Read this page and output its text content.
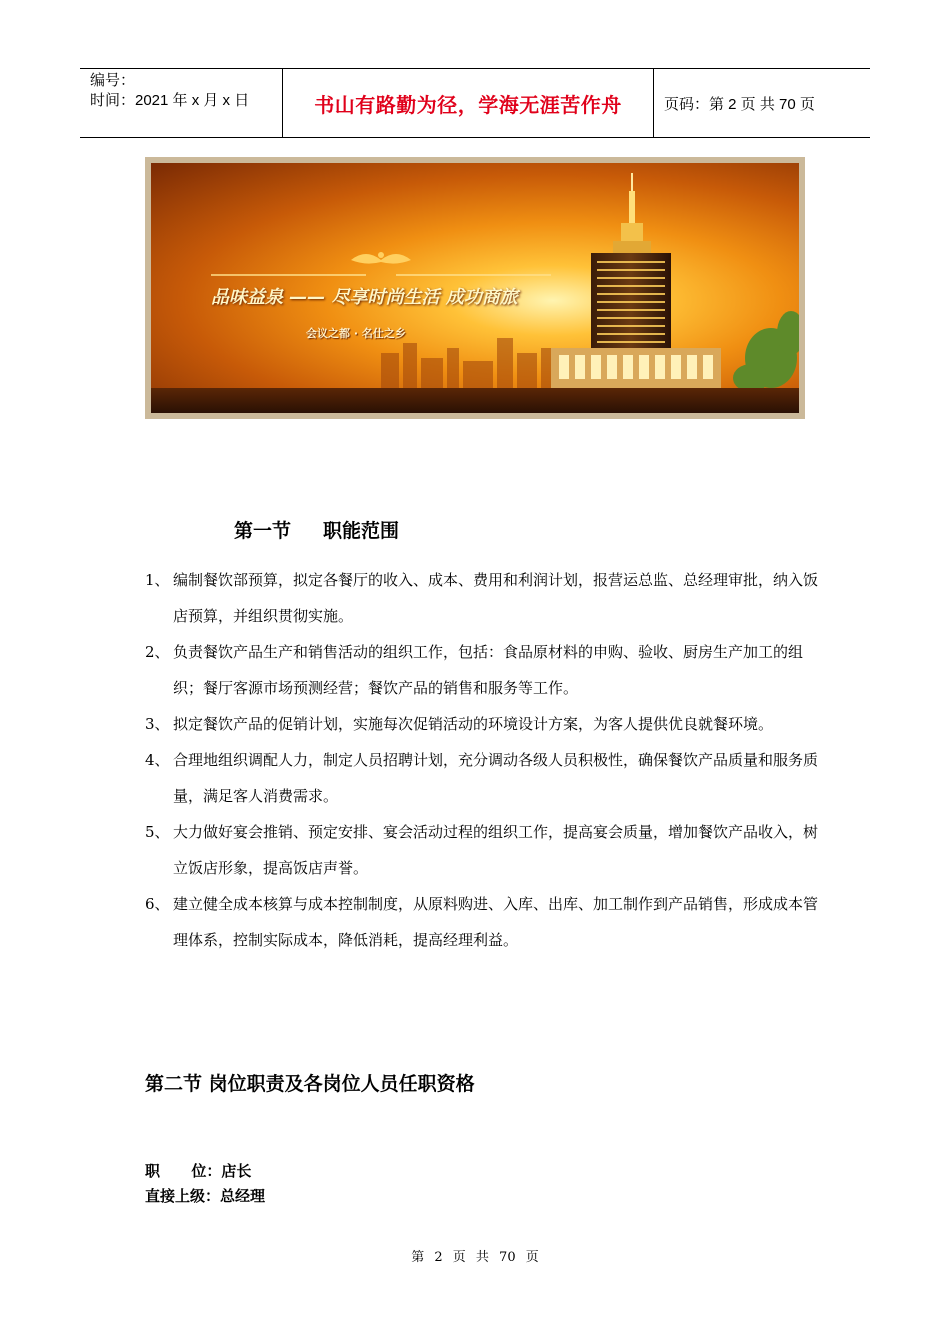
编号：
时间：2021 年 x 月 x 日	书山有路勤为径，学海无涯苦作舟	页码：第 2 页 共 70 页
品味益泉 —— 尽享时尚生活 成功商旅
会议之都 · 名仕之乡
第一节 职能范围
1、 编制餐饮部预算，拟定各餐厅的收入、成本、费用和利润计划，报营运总监、总经理审批，纳入饭店预算，并组织贯彻实施。
2、 负责餐饮产品生产和销售活动的组织工作，包括：食品原材料的申购、验收、厨房生产加工的组织；餐厅客源市场预测经营；餐饮产品的销售和服务等工作。
3、 拟定餐饮产品的促销计划，实施每次促销活动的环境设计方案，为客人提供优良就餐环境。
4、 合理地组织调配人力，制定人员招聘计划，充分调动各级人员积极性，确保餐饮产品质量和服务质量，满足客人消费需求。
5、 大力做好宴会推销、预定安排、宴会活动过程的组织工作，提高宴会质量，增加餐饮产品收入，树立饭店形象，提高饭店声誉。
6、 建立健全成本核算与成本控制制度，从原料购进、入库、出库、加工制作到产品销售，形成成本管理体系，控制实际成本，降低消耗，提高经理利益。
第二节 岗位职责及各岗位人员任职资格
职      位：店长
直接上级：总经理
第 2 页 共 70 页
